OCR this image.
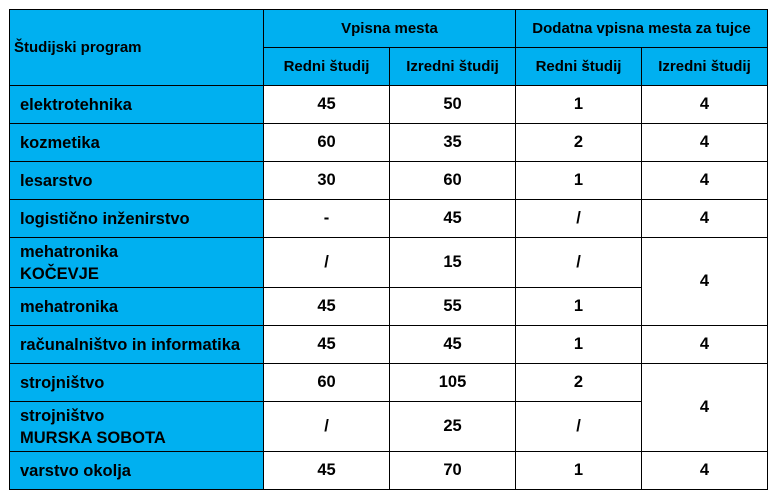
Študijski program	Vpisna mesta		Dodatna vpisna mesta za tujce	
	Redni študij	Izredni študij	Redni študij	Izredni študij
elektrotehnika	45	50	1	4
kozmetika	60	35	2	4
lesarstvo	30	60	1	4
logistično inženirstvo	-	45	/	4

mehatronika
KOČEVJE	/	15	/	4
mehatronika	45	55	1	
računalništvo in informatika	45	45	1	4
strojništvo	60	105	2	4

strojništvo
MURSKA SOBOTA	/	25	/	
varstvo okolja	45	70	1	4
